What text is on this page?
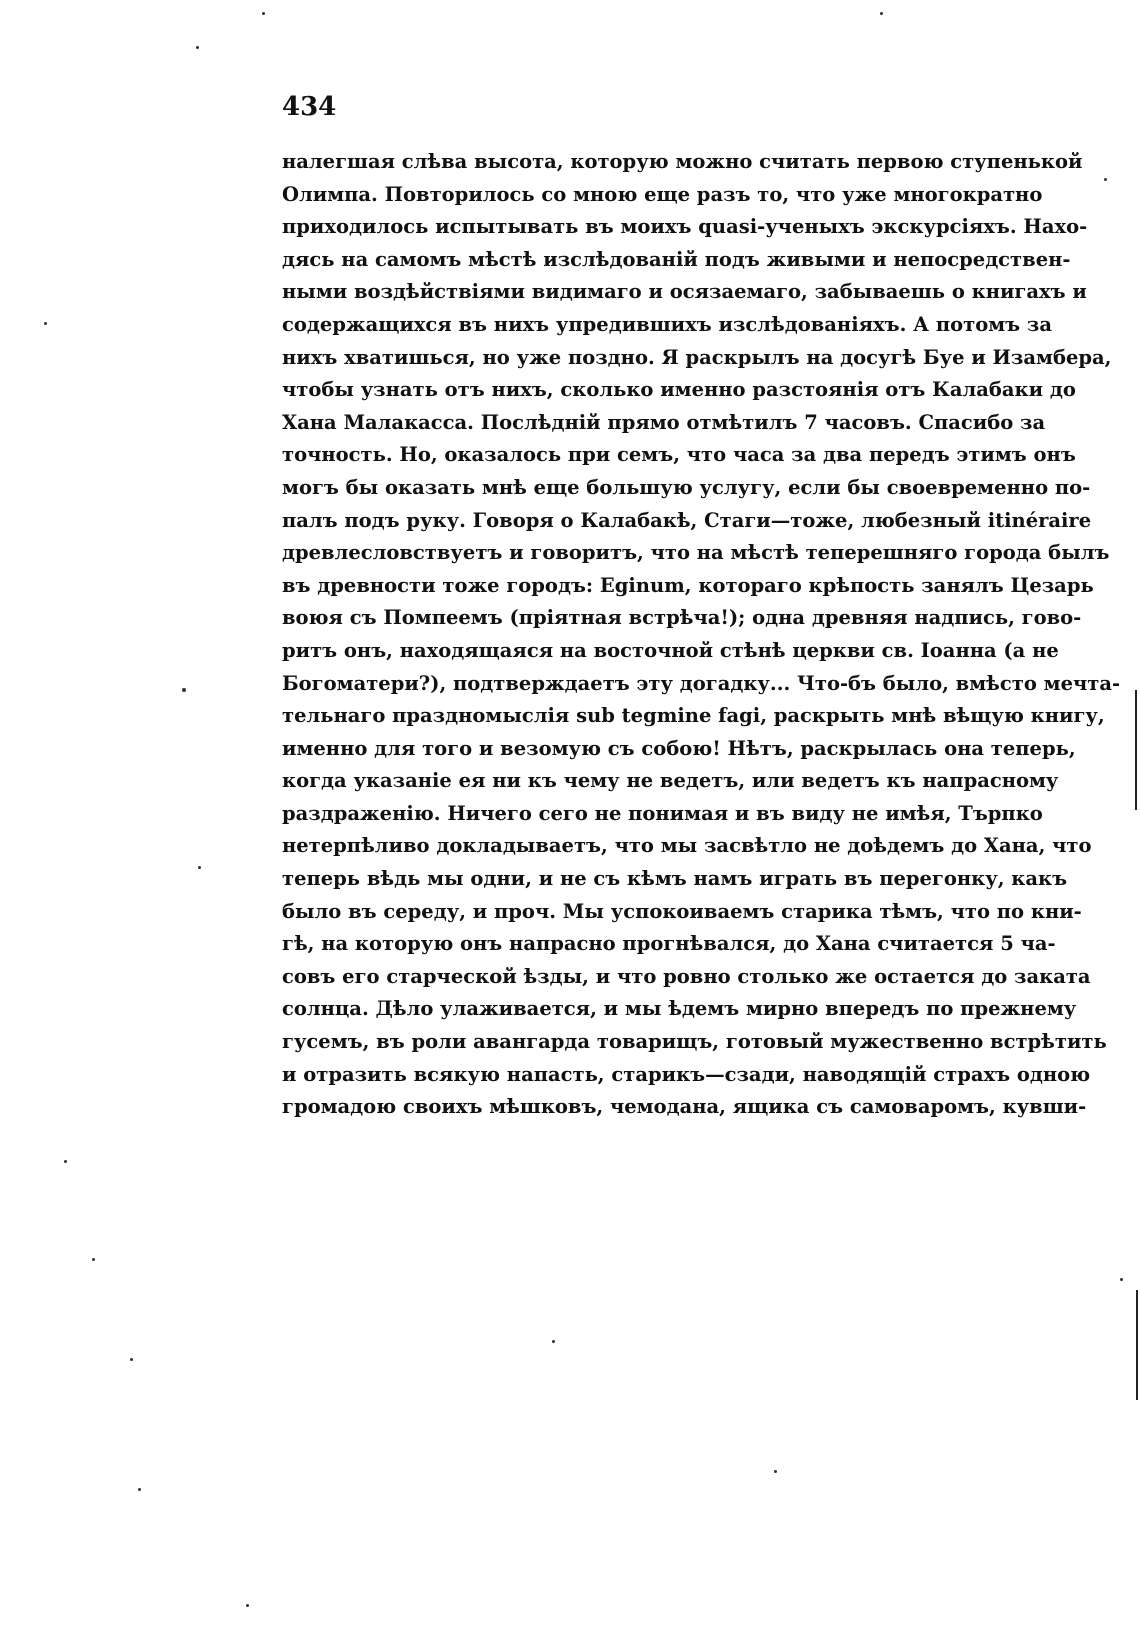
434
налегшая слѣва высота, которую можно считать первою ступенькой
Олимпа. Повторилось со мною еще разъ то, что уже многократно
приходилось испытывать въ моихъ quasi-ученыхъ экскурсіяхъ. Нахо-
дясь на самомъ мѣстѣ изслѣдованій подъ живыми и непосредствен-
ными воздѣйствіями видимаго и осязаемаго, забываешь о книгахъ и
содержащихся въ нихъ упредившихъ изслѣдованіяхъ. А потомъ за
нихъ хватишься, но уже поздно. Я раскрылъ на досугѣ Буе и Изамбера,
чтобы узнать отъ нихъ, сколько именно разстоянія отъ Калабаки до
Хана Малакасса. Послѣдній прямо отмѣтилъ 7 часовъ. Спасибо за
точность. Но, оказалось при семъ, что часа за два передъ этимъ онъ
могъ бы оказать мнѣ еще большую услугу, если бы своевременно по-
палъ подъ руку. Говоря о Калабакѣ, Стаги—тоже, любезный itinéraire
древлесловствуетъ и говоритъ, что на мѣстѣ теперешняго города былъ
въ древности тоже городъ: Eginum, котораго крѣпость занялъ Цезарь
воюя съ Помпеемъ (пріятная встрѣча!); одна древняя надпись, гово-
ритъ онъ, находящаяся на восточной стѣнѣ церкви св. Іоанна (а не
Богоматери?), подтверждаетъ эту догадку... Что-бъ было, вмѣсто мечта-
тельнаго праздномыслія sub tegmine fagi, раскрыть мнѣ вѣщую книгу,
именно для того и везомую съ собою! Нѣтъ, раскрылась она теперь,
когда указаніе ея ни къ чему не ведетъ, или ведетъ къ напрасному
раздраженію. Ничего сего не понимая и въ виду не имѣя, Търпко
нетерпѣливо докладываетъ, что мы засвѣтло не доѣдемъ до Хана, что
теперь вѣдь мы одни, и не съ кѣмъ намъ играть въ перегонку, какъ
было въ середу, и проч. Мы успокоиваемъ старика тѣмъ, что по кни-
гѣ, на которую онъ напрасно прогнѣвался, до Хана считается 5 ча-
совъ его старческой ѣзды, и что ровно столько же остается до заката
солнца. Дѣло улаживается, и мы ѣдемъ мирно впередъ по прежнему
гусемъ, въ роли авангарда товарищъ, готовый мужественно встрѣтить
и отразить всякую напасть, старикъ—сзади, наводящій страхъ одною
громадою своихъ мѣшковъ, чемодана, ящика съ самоваромъ, кувши-
